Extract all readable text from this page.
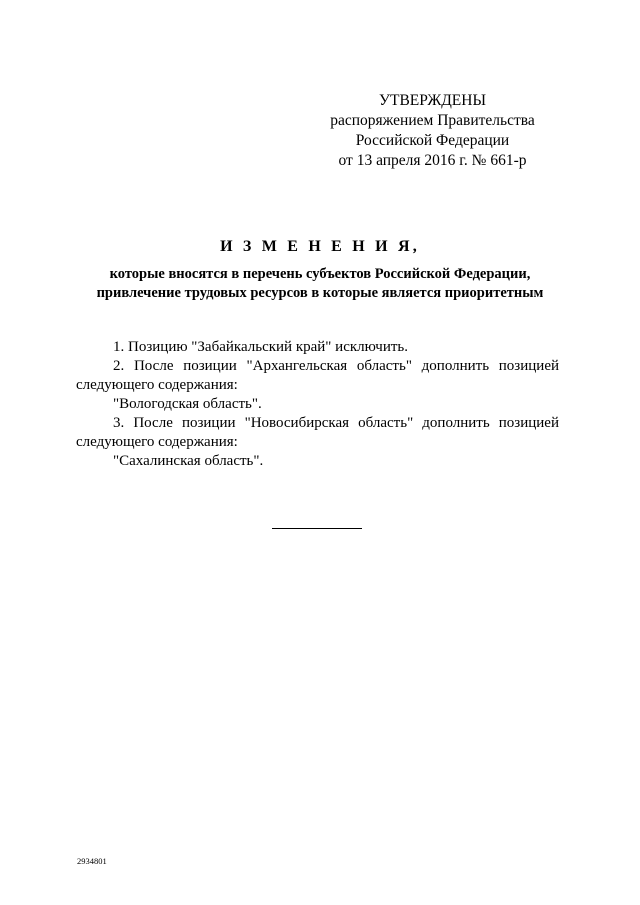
УТВЕРЖДЕНЫ
распоряжением Правительства
Российской Федерации
от 13 апреля 2016 г. № 661-р
И З М Е Н Е Н И Я,
которые вносятся в перечень субъектов Российской Федерации,
привлечение трудовых ресурсов в которые является приоритетным

1. Позицию "Забайкальский край" исключить.

2. После позиции "Архангельская область" дополнить позицией следующего содержания:

"Вологодская область".

3. После позиции "Новосибирская область" дополнить позицией следующего содержания:

"Сахалинская область".

2934801
